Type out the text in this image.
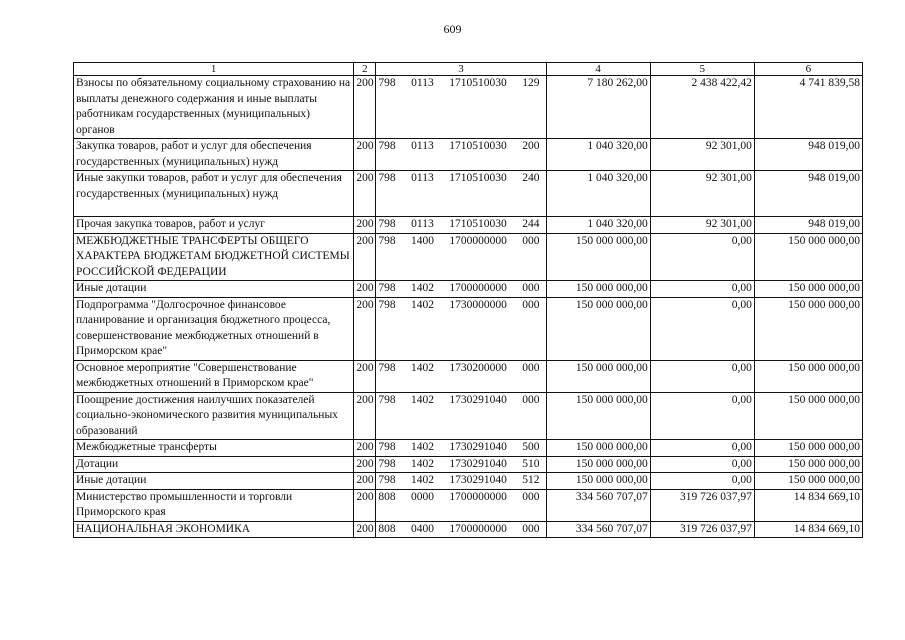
609
1	2	3	4	5	6
Взносы по обязательному социальному страхованию на выплаты денежного содержания и иные выплаты работникам государственных (муниципальных) органов	200	798 0113 1710510030 129	7 180 262,00	2 438 422,42	4 741 839,58
Закупка товаров, работ и услуг для обеспечения государственных (муниципальных) нужд	200	798 0113 1710510030 200	1 040 320,00	92 301,00	948 019,00
Иные закупки товаров, работ и услуг для обеспечения государственных (муниципальных) нужд	200	798 0113 1710510030 240	1 040 320,00	92 301,00	948 019,00
Прочая закупка товаров, работ и услуг	200	798 0113 1710510030 244	1 040 320,00	92 301,00	948 019,00
МЕЖБЮДЖЕТНЫЕ ТРАНСФЕРТЫ ОБЩЕГО ХАРАКТЕРА БЮДЖЕТАМ БЮДЖЕТНОЙ СИСТЕМЫ РОССИЙСКОЙ ФЕДЕРАЦИИ	200	798 1400 1700000000 000	150 000 000,00	0,00	150 000 000,00
Иные дотации	200	798 1402 1700000000 000	150 000 000,00	0,00	150 000 000,00
Подпрограмма "Долгосрочное финансовое планирование и организация бюджетного процесса, совершенствование межбюджетных отношений в Приморском крае"	200	798 1402 1730000000 000	150 000 000,00	0,00	150 000 000,00
Основное мероприятие "Совершенствование межбюджетных отношений в Приморском крае"	200	798 1402 1730200000 000	150 000 000,00	0,00	150 000 000,00
Поощрение достижения наилучших показателей социально-экономического развития муниципальных образований	200	798 1402 1730291040 000	150 000 000,00	0,00	150 000 000,00
Межбюджетные трансферты	200	798 1402 1730291040 500	150 000 000,00	0,00	150 000 000,00
Дотации	200	798 1402 1730291040 510	150 000 000,00	0,00	150 000 000,00
Иные дотации	200	798 1402 1730291040 512	150 000 000,00	0,00	150 000 000,00
Министерство промышленности и торговли Приморского края	200	808 0000 1700000000 000	334 560 707,07	319 726 037,97	14 834 669,10
НАЦИОНАЛЬНАЯ ЭКОНОМИКА	200	808 0400 1700000000 000	334 560 707,07	319 726 037,97	14 834 669,10
